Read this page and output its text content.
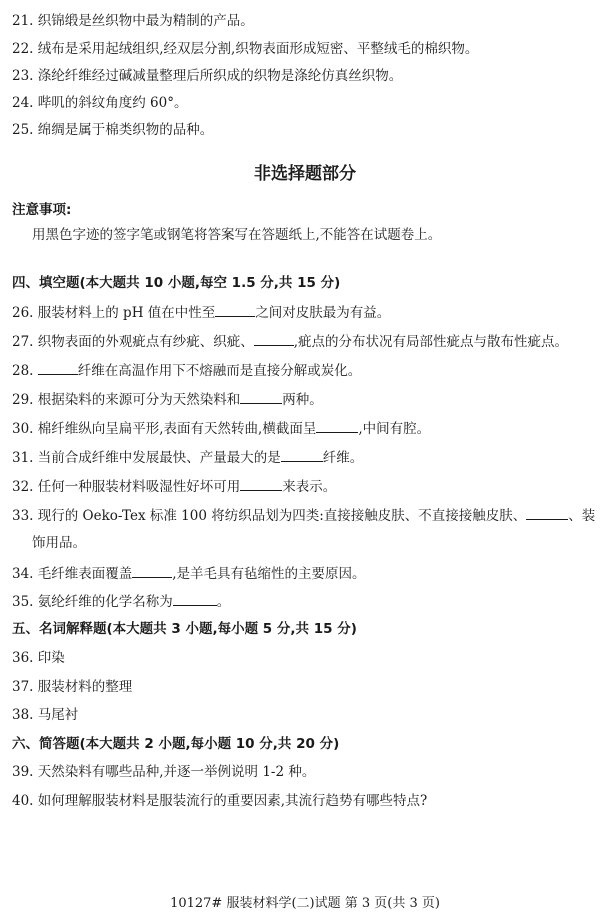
21. 织锦缎是丝织物中最为精制的产品。
22. 绒布是采用起绒组织,经双层分割,织物表面形成短密、平整绒毛的棉织物。
23. 涤纶纤维经过碱减量整理后所织成的织物是涤纶仿真丝织物。
24. 哔叽的斜纹角度约 60°。
25. 绵绸是属于棉类织物的品种。
非选择题部分
注意事项:
用黑色字迹的签字笔或钢笔将答案写在答题纸上,不能答在试题卷上。
四、填空题(本大题共 10 小题,每空 1.5 分,共 15 分)
26. 服装材料上的 pH 值在中性至	之间对皮肤最为有益。
27. 织物表面的外观疵点有纱疵、织疵、	,疵点的分布状况有局部性疵点与散布性疵点。
28.	纤维在高温作用下不熔融而是直接分解或炭化。
29. 根据染料的来源可分为天然染料和	两种。
30. 棉纤维纵向呈扁平形,表面有天然转曲,横截面呈	,中间有腔。
31. 当前合成纤维中发展最快、产量最大的是	纤维。
32. 任何一种服装材料吸湿性好坏可用	来表示。
33. 现行的 Oeko-Tex 标准 100 将纺织品划为四类:直接接触皮肤、不直接接触皮肤、	、装
饰用品。
34. 毛纤维表面覆盖	,是羊毛具有毡缩性的主要原因。
35. 氨纶纤维的化学名称为	。
五、名词解释题(本大题共 3 小题,每小题 5 分,共 15 分)
36. 印染
37. 服装材料的整理
38. 马尾衬
六、简答题(本大题共 2 小题,每小题 10 分,共 20 分)
39. 天然染料有哪些品种,并逐一举例说明 1-2 种。
40. 如何理解服装材料是服装流行的重要因素,其流行趋势有哪些特点?
10127# 服装材料学(二)试题 第 3 页(共 3 页)
